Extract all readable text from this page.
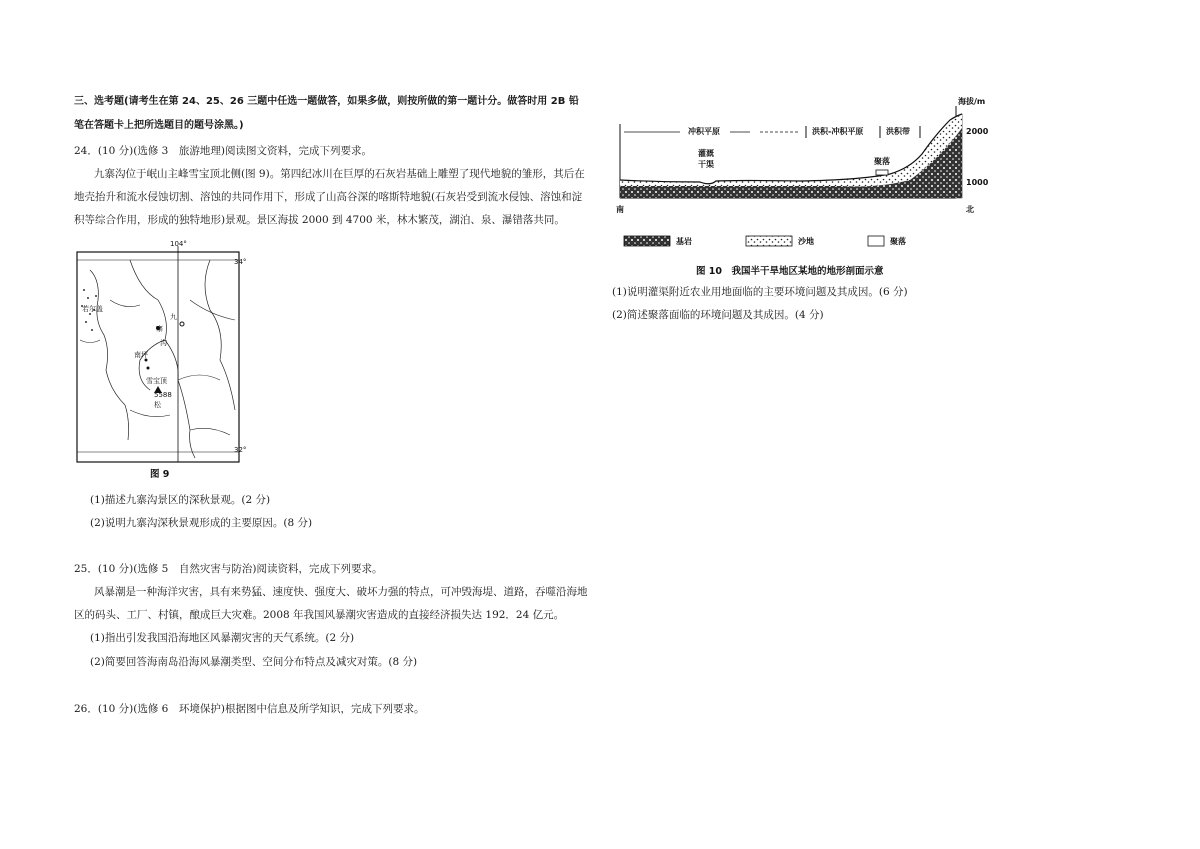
三、选考题(请考生在第 24、25、26 三题中任选一题做答，如果多做，则按所做的第一题计分。做答时用 2B 铅
笔在答题卡上把所选题目的题号涂黑。)
24．(10 分)(选修 3　旅游地理)阅读图文资料，完成下列要求。
九寨沟位于岷山主峰雪宝顶北侧(图 9)。第四纪冰川在巨厚的石灰岩基础上雕塑了现代地貌的雏形，其后在
地壳抬升和流水侵蚀切割、溶蚀的共同作用下，形成了山高谷深的喀斯特地貌(石灰岩受到流水侵蚀、溶蚀和淀
积等综合作用，形成的独特地形)景观。景区海拔 2000 到 4700 米，林木繁茂，湖泊、泉、瀑错落共同。
104°
34°
32°
若尔盖
九
寨
沟
南坪
雪宝顶
5588
松
图 9
(1)描述九寨沟景区的深秋景观。(2 分)
(2)说明九寨沟深秋景观形成的主要原因。(8 分)
25．(10 分)(选修 5　自然灾害与防治)阅读资料，完成下列要求。
风暴潮是一种海洋灾害，具有来势猛、速度快、强度大、破坏力强的特点，可冲毁海堤、道路，吞噬沿海地
区的码头、工厂、村镇，酿成巨大灾难。2008 年我国风暴潮灾害造成的直接经济损失达 192．24 亿元。
(1)指出引发我国沿海地区风暴潮灾害的天气系统。(2 分)
(2)简要回答海南岛沿海风暴潮类型、空间分布特点及减灾对策。(8 分)
26．(10 分)(选修 6　环境保护)根据图中信息及所学知识，完成下列要求。
海拔/m
2000
1000
南	北
冲积平原	洪积-冲积平原	洪积带
灌溉
干渠	聚落
基岩	沙地	聚落
图 10　我国半干旱地区某地的地形剖面示意
(1)说明灌渠附近农业用地面临的主要环境问题及其成因。(6 分)
(2)简述聚落面临的环境问题及其成因。(4 分)
